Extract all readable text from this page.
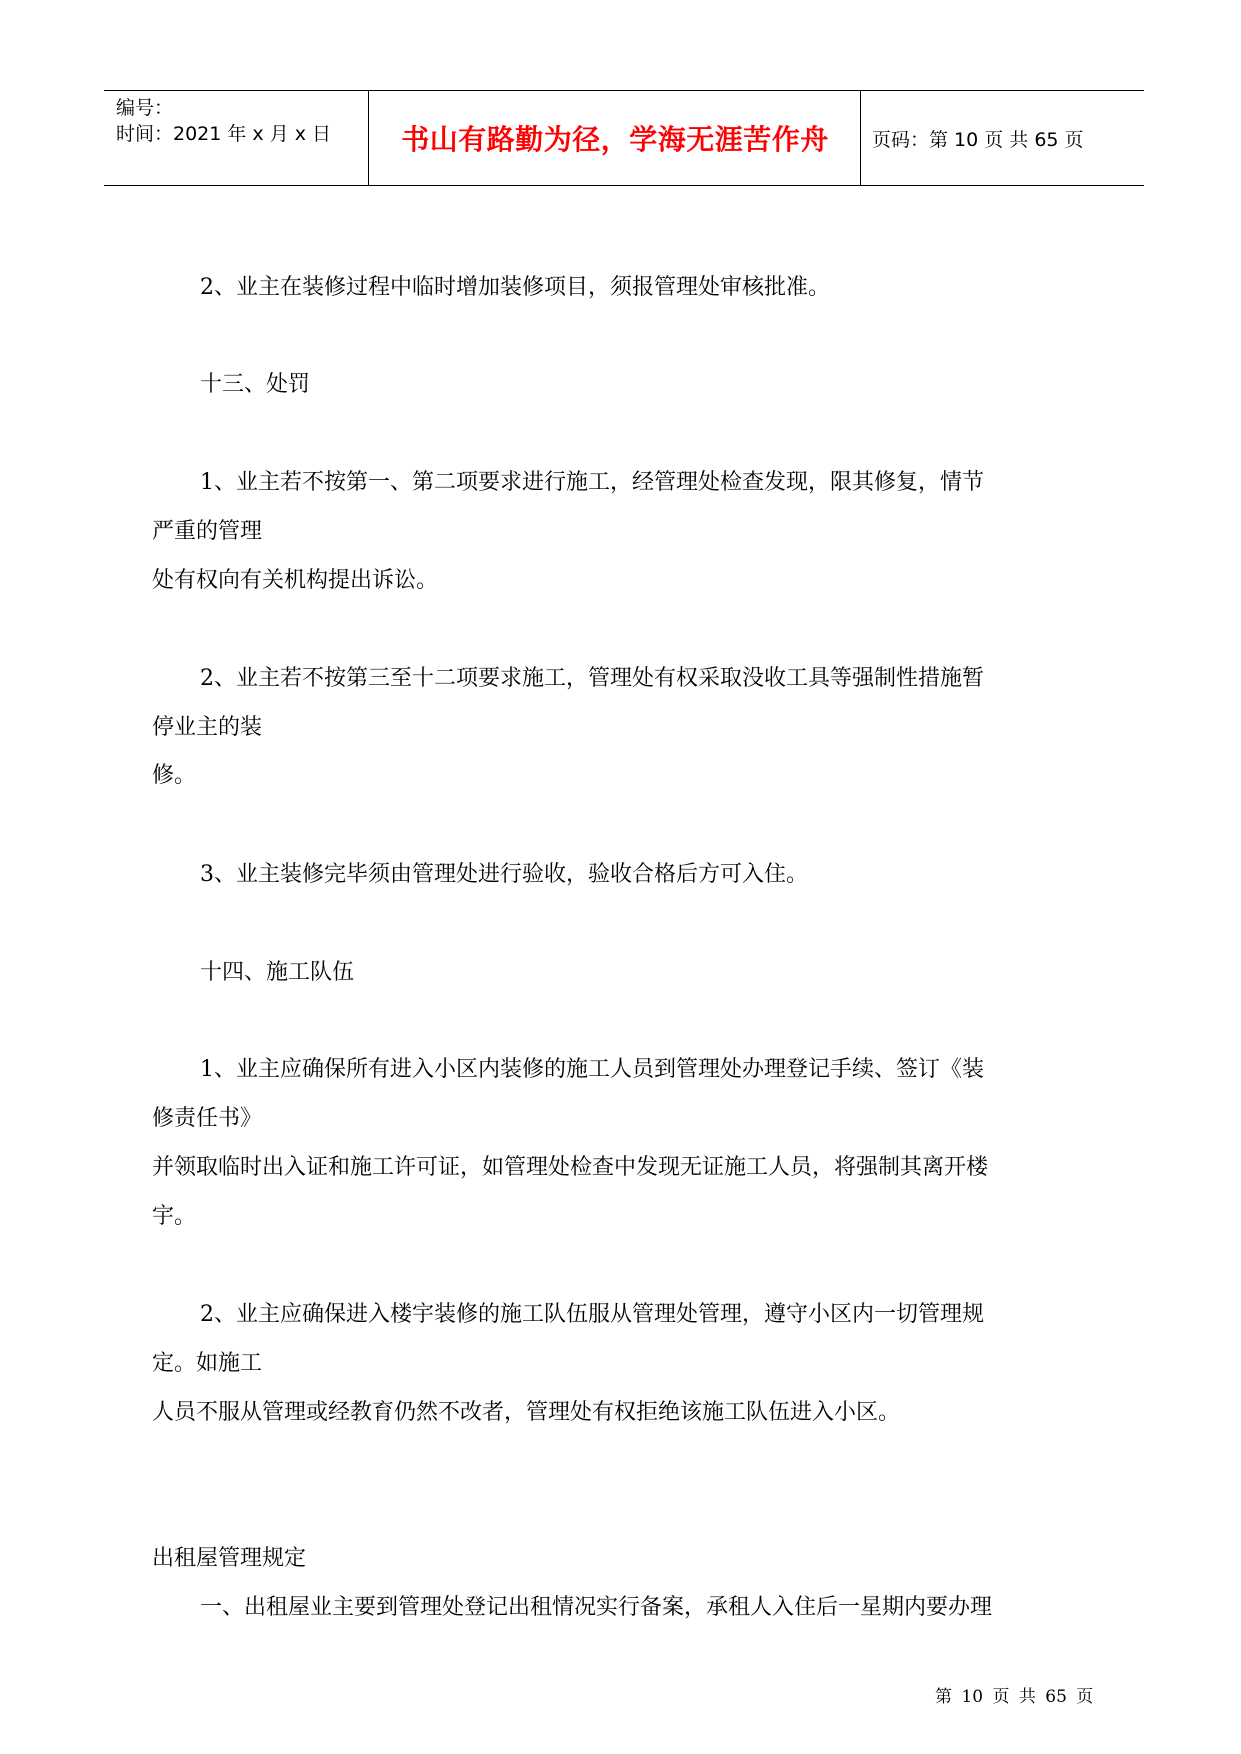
编号：
时间：2021 年 x 月 x 日	书山有路勤为径，学海无涯苦作舟	页码：第 10 页 共 65 页
2、业主在装修过程中临时增加装修项目，须报管理处审核批准。
十三、处罚
1、业主若不按第一、第二项要求进行施工，经管理处检查发现，限其修复，情节
严重的管理
处有权向有关机构提出诉讼。
2、业主若不按第三至十二项要求施工，管理处有权采取没收工具等强制性措施暂
停业主的装
修。
3、业主装修完毕须由管理处进行验收，验收合格后方可入住。
十四、施工队伍
1、业主应确保所有进入小区内装修的施工人员到管理处办理登记手续、签订《装
修责任书》
并领取临时出入证和施工许可证，如管理处检查中发现无证施工人员，将强制其离开楼
宇。
2、业主应确保进入楼宇装修的施工队伍服从管理处管理，遵守小区内一切管理规
定。如施工
人员不服从管理或经教育仍然不改者，管理处有权拒绝该施工队伍进入小区。
出租屋管理规定
一、出租屋业主要到管理处登记出租情况实行备案，承租人入住后一星期内要办理
第 10 页 共 65 页
